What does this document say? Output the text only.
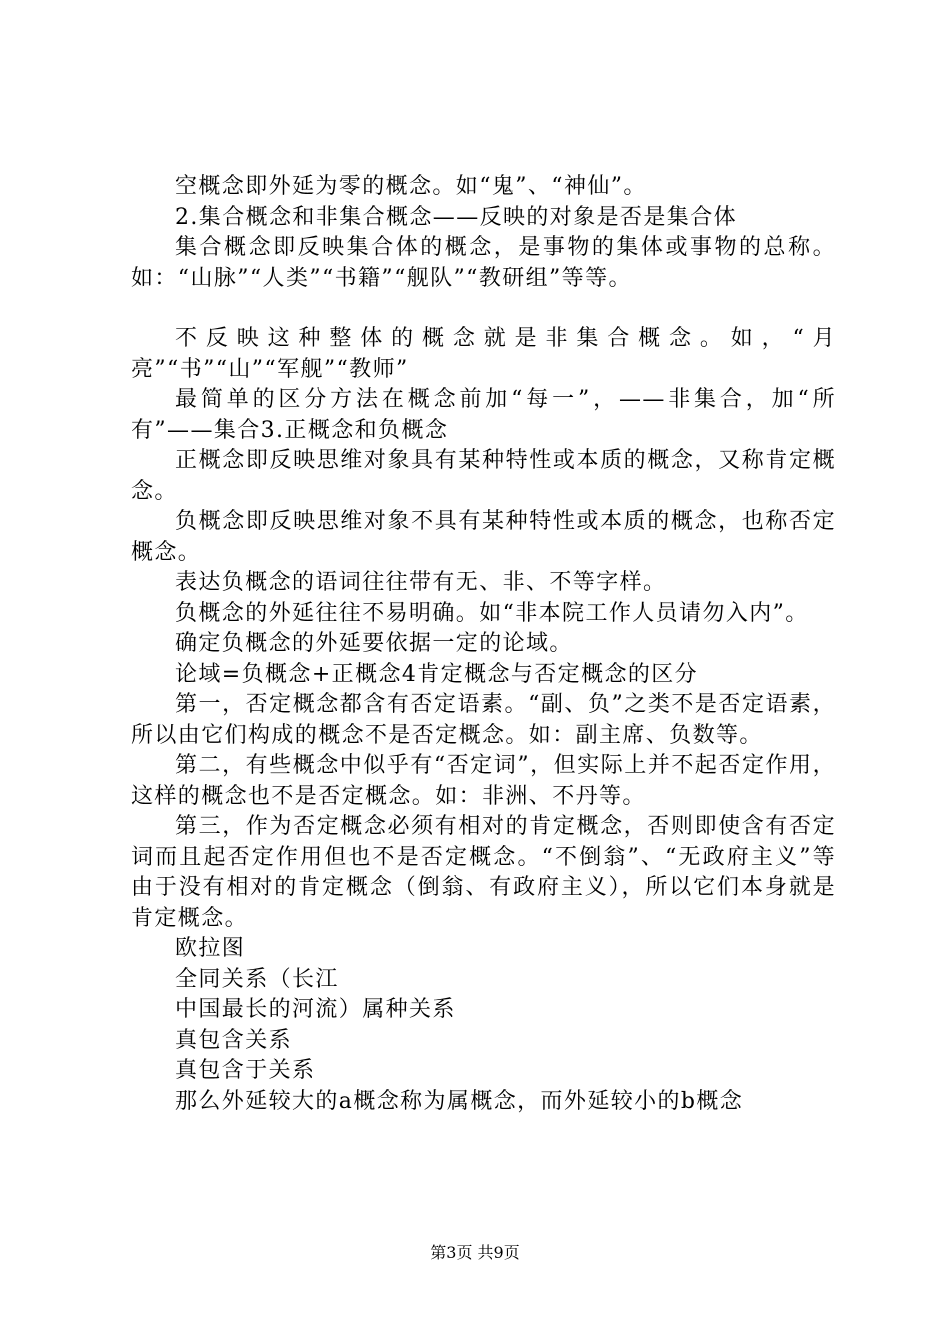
空概念即外延为零的概念。如“鬼”、“神仙”。

2.集合概念和非集合概念——反映的对象是否是集合体

集合概念即反映集合体的概念，是事物的集体或事物的总称。如：“山脉”“人类”“书籍”“舰队”“教研组”等等。

不反映这种整体的概念就是非集合概念。如，“月亮”“书”“山”“军舰”“教师”

最简单的区分方法在概念前加“每一”，——非集合，加“所有”——集合3.正概念和负概念

正概念即反映思维对象具有某种特性或本质的概念，又称肯定概念。

负概念即反映思维对象不具有某种特性或本质的概念，也称否定概念。

表达负概念的语词往往带有无、非、不等字样。

负概念的外延往往不易明确。如“非本院工作人员请勿入内”。

确定负概念的外延要依据一定的论域。

论域=负概念+正概念4肯定概念与否定概念的区分

第一，否定概念都含有否定语素。“副、负”之类不是否定语素，所以由它们构成的概念不是否定概念。如：副主席、负数等。

第二，有些概念中似乎有“否定词”，但实际上并不起否定作用，这样的概念也不是否定概念。如：非洲、不丹等。

第三，作为否定概念必须有相对的肯定概念，否则即使含有否定词而且起否定作用但也不是否定概念。“不倒翁”、“无政府主义”等由于没有相对的肯定概念（倒翁、有政府主义），所以它们本身就是肯定概念。

欧拉图

全同关系（长江

中国最长的河流）属种关系

真包含关系

真包含于关系

那么外延较大的a概念称为属概念，而外延较小的b概念

第3页 共9页
